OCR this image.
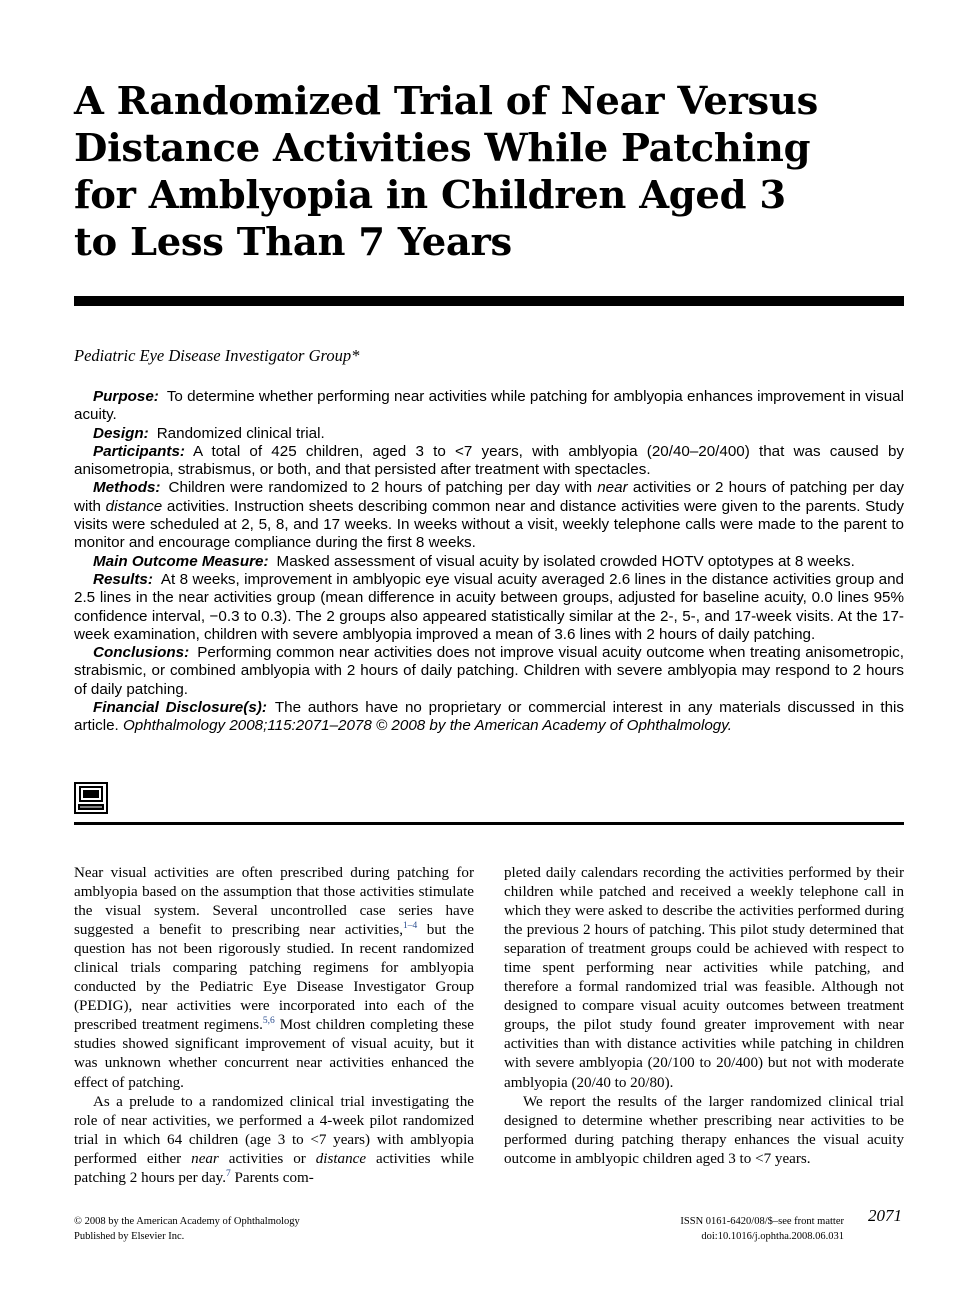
A Randomized Trial of Near Versus Distance Activities While Patching for Amblyopia in Children Aged 3 to Less Than 7 Years
Pediatric Eye Disease Investigator Group*

Purpose: To determine whether performing near activities while patching for amblyopia enhances improvement in visual acuity.

Design: Randomized clinical trial.

Participants: A total of 425 children, aged 3 to <7 years, with amblyopia (20/40–20/400) that was caused by anisometropia, strabismus, or both, and that persisted after treatment with spectacles.

Methods: Children were randomized to 2 hours of patching per day with near activities or 2 hours of patching per day with distance activities. Instruction sheets describing common near and distance activities were given to the parents. Study visits were scheduled at 2, 5, 8, and 17 weeks. In weeks without a visit, weekly telephone calls were made to the parent to monitor and encourage compliance during the first 8 weeks.

Main Outcome Measure: Masked assessment of visual acuity by isolated crowded HOTV optotypes at 8 weeks.

Results: At 8 weeks, improvement in amblyopic eye visual acuity averaged 2.6 lines in the distance activities group and 2.5 lines in the near activities group (mean difference in acuity between groups, adjusted for baseline acuity, 0.0 lines 95% confidence interval, −0.3 to 0.3). The 2 groups also appeared statistically similar at the 2-, 5-, and 17-week visits. At the 17-week examination, children with severe amblyopia improved a mean of 3.6 lines with 2 hours of daily patching.

Conclusions: Performing common near activities does not improve visual acuity outcome when treating anisometropic, strabismic, or combined amblyopia with 2 hours of daily patching. Children with severe amblyopia may respond to 2 hours of daily patching.

Financial Disclosure(s): The authors have no proprietary or commercial interest in any materials discussed in this article. Ophthalmology 2008;115:2071–2078 © 2008 by the American Academy of Ophthalmology.

Near visual activities are often prescribed during patching for amblyopia based on the assumption that those activities stimulate the visual system. Several uncontrolled case series have suggested a benefit to prescribing near activities,$^{1-4}$ but the question has not been rigorously studied. In recent randomized clinical trials comparing patching regimens for amblyopia conducted by the Pediatric Eye Disease Investigator Group (PEDIG), near activities were incorporated into each of the prescribed treatment regimens.$^{5,6}$ Most children completing these studies showed significant improvement of visual acuity, but it was unknown whether concurrent near activities enhanced the effect of patching.

As a prelude to a randomized clinical trial investigating the role of near activities, we performed a 4-week pilot randomized trial in which 64 children (age 3 to <7 years) with amblyopia performed either near activities or distance activities while patching 2 hours per day.$^7$ Parents com-

pleted daily calendars recording the activities performed by their children while patched and received a weekly telephone call in which they were asked to describe the activities performed during the previous 2 hours of patching. This pilot study determined that separation of treatment groups could be achieved with respect to time spent performing near activities while patching, and therefore a formal randomized trial was feasible. Although not designed to compare visual acuity outcomes between treatment groups, the pilot study found greater improvement with near activities than with distance activities while patching in children with severe amblyopia (20/100 to 20/400) but not with moderate amblyopia (20/40 to 20/80).

We report the results of the larger randomized clinical trial designed to determine whether prescribing near activities to be performed during patching therapy enhances the visual acuity outcome in amblyopic children aged 3 to <7 years.

© 2008 by the American Academy of Ophthalmology
Published by Elsevier Inc.
ISSN 0161-6420/08/$–see front matter
doi:10.1016/j.ophtha.2008.06.031
2071
